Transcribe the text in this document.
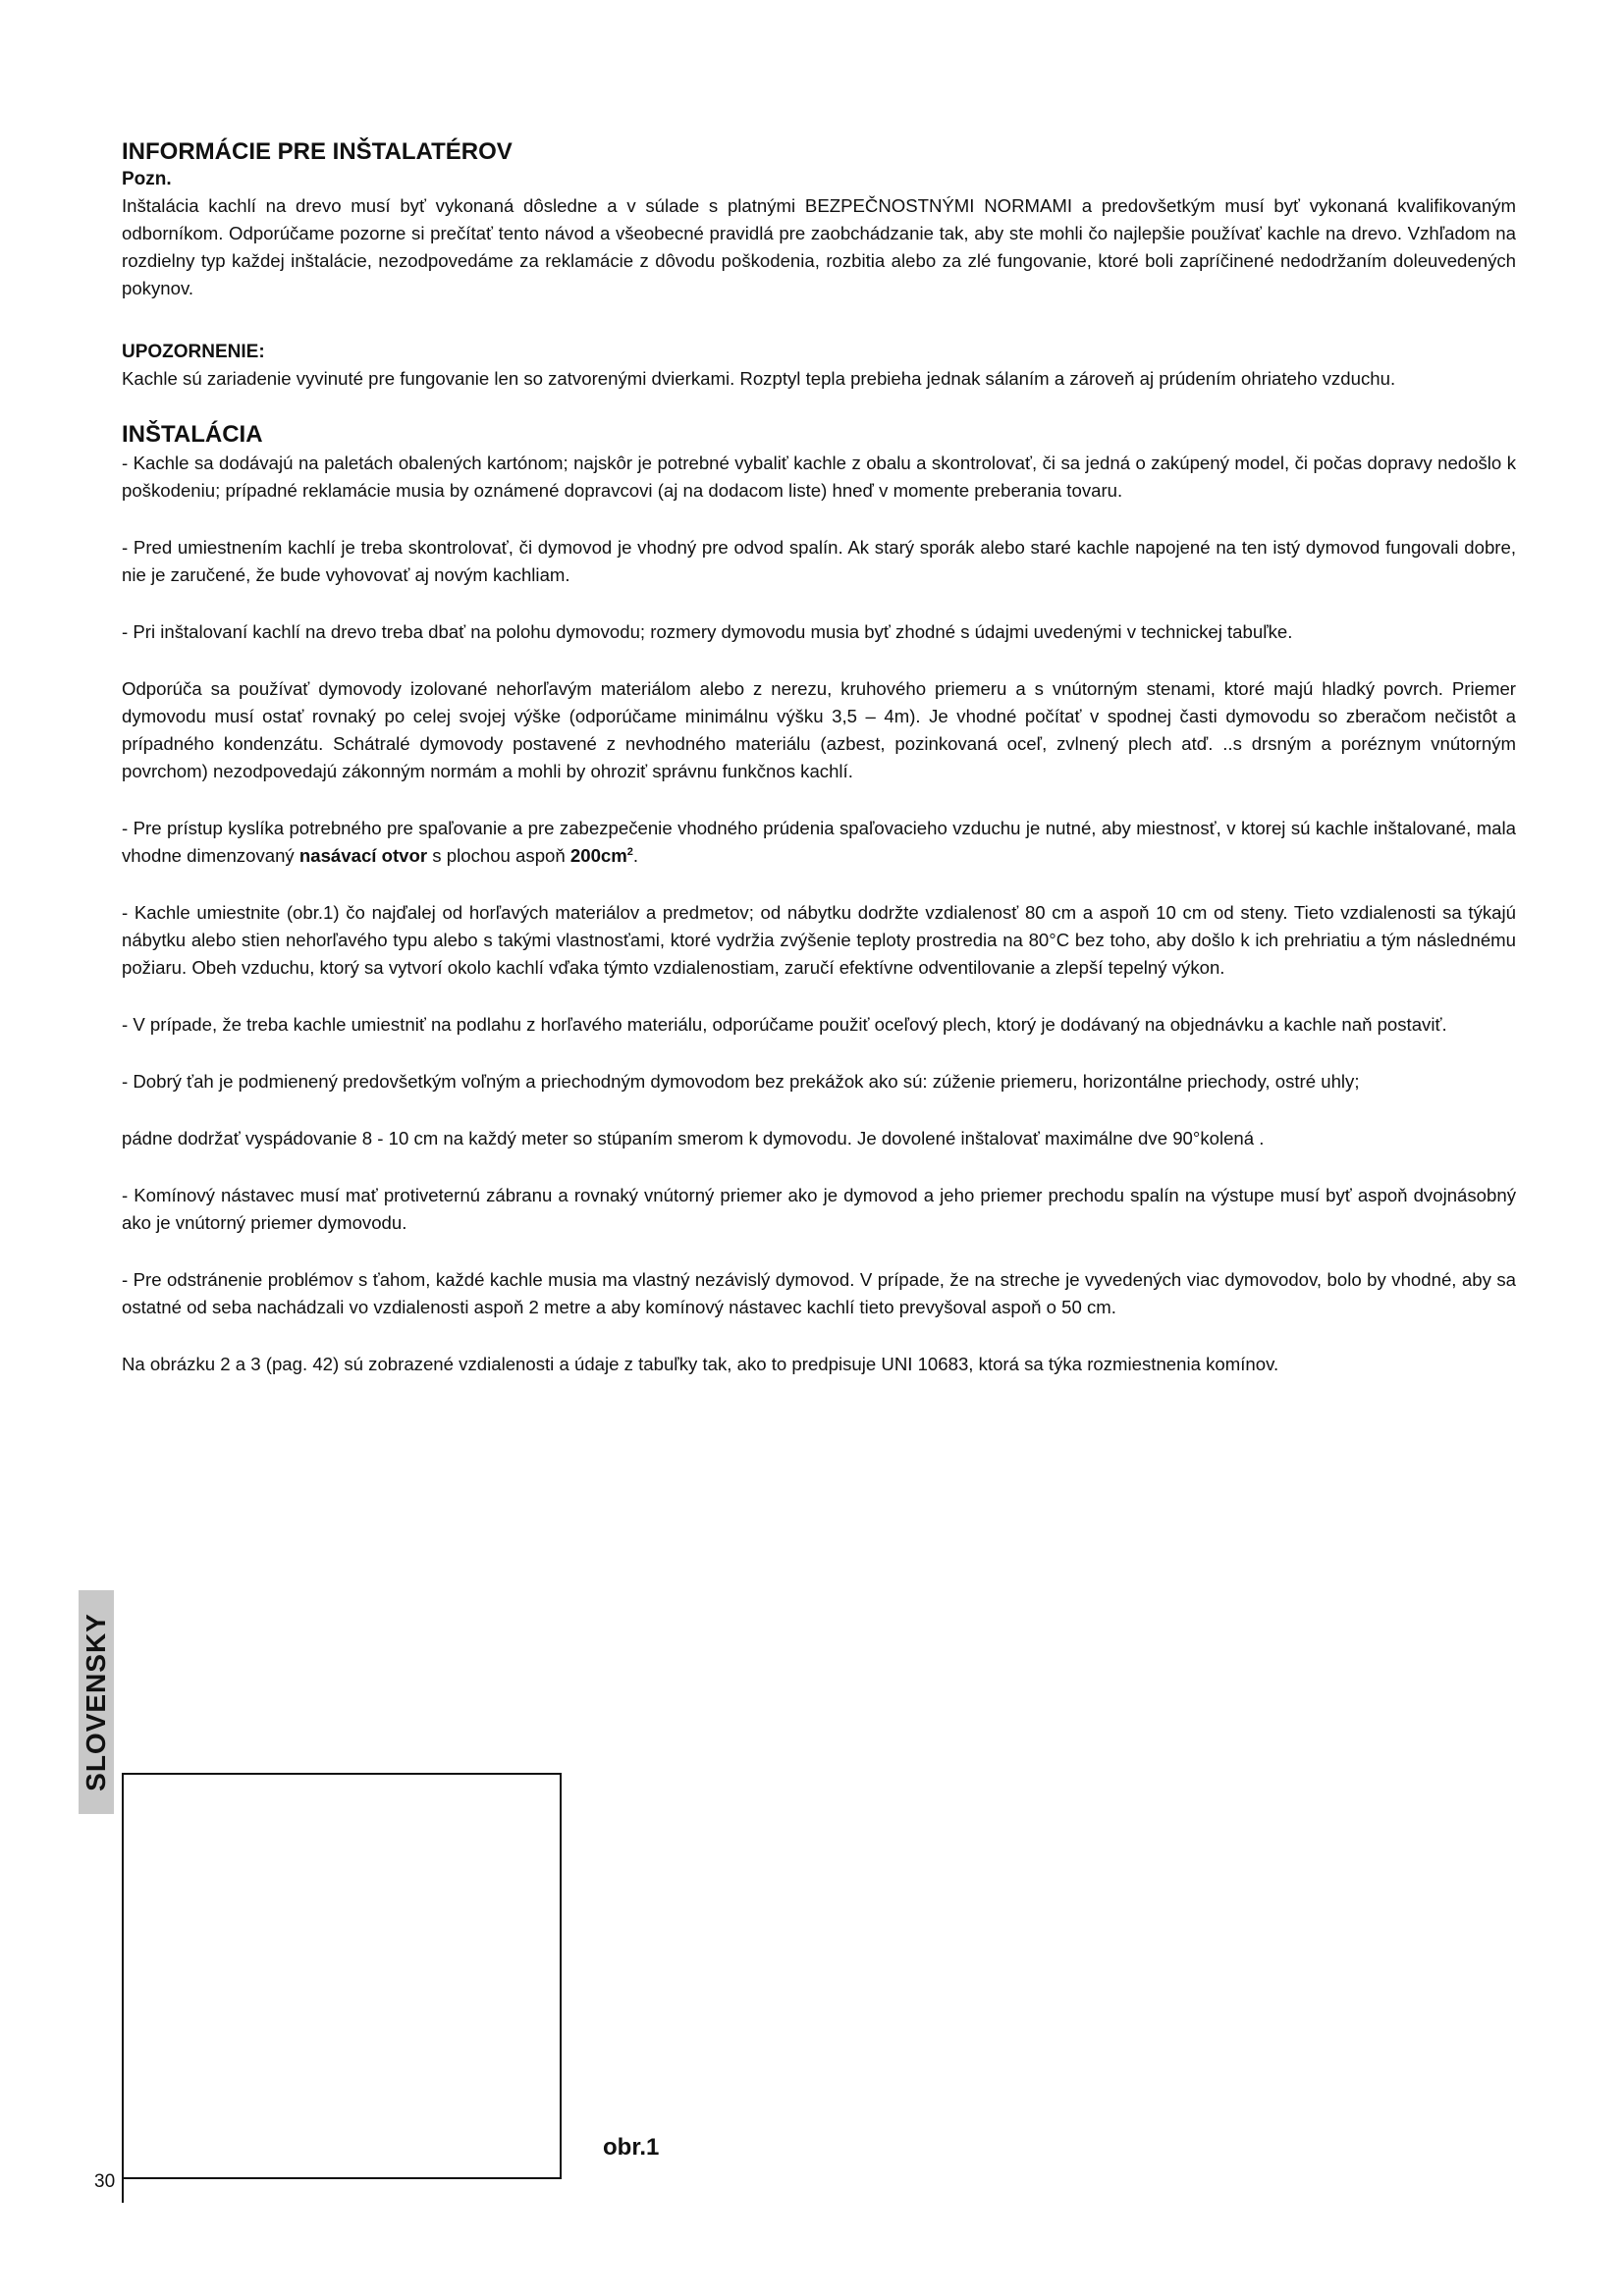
INFORMÁCIE PRE INŠTALATÉROV
Pozn.

Inštalácia kachlí na drevo musí byť vykonaná dôsledne a v súlade s platnými BEZPEČNOSTNÝMI NORMAMI a predovšetkým musí byť vykonaná kvalifikovaným odborníkom. Odporúčame pozorne si prečítať tento návod a všeobecné pravidlá pre zaobchádzanie tak, aby ste mohli čo najlepšie používať kachle na drevo. Vzhľadom na rozdielny typ každej inštalácie, nezodpovedáme za reklamácie z dôvodu poškodenia, rozbitia alebo za zlé fungovanie, ktoré boli zapríčinené nedodržaním doleuvedených pokynov.

UPOZORNENIE:

Kachle sú zariadenie vyvinuté pre fungovanie len so zatvorenými dvierkami. Rozptyl tepla prebieha jednak sálaním a zároveň aj prúdením ohriateho vzduchu.

INŠTALÁCIA

- Kachle sa dodávajú na paletách obalených kartónom; najskôr je potrebné vybaliť kachle z obalu a skontrolovať, či sa jedná o zakúpený model, či počas dopravy nedošlo k poškodeniu; prípadné reklamácie musia by oznámené dopravcovi (aj na dodacom liste) hneď v momente preberania tovaru.

- Pred umiestnením kachlí je treba skontrolovať, či dymovod je vhodný pre odvod spalín. Ak starý sporák alebo staré kachle napojené na ten istý dymovod fungovali dobre, nie je zaručené, že bude vyhovovať aj novým kachliam.

- Pri inštalovaní kachlí na drevo treba dbať na polohu dymovodu; rozmery dymovodu musia byť zhodné s údajmi uvedenými v technickej tabuľke.

Odporúča sa používať dymovody izolované nehorľavým materiálom alebo z nerezu, kruhového priemeru a s vnútorným stenami, ktoré majú hladký povrch. Priemer dymovodu musí ostať rovnaký po celej svojej výške (odporúčame minimálnu výšku 3,5 – 4m). Je vhodné počítať v spodnej časti dymovodu so zberačom nečistôt a prípadného kondenzátu. Schátralé dymovody postavené z nevhodného materiálu (azbest, pozinkovaná oceľ, zvlnený plech atď. ..s drsným a poréznym vnútorným povrchom) nezodpovedajú zákonným normám a mohli by ohroziť správnu funkčnos kachlí.

- Pre prístup kyslíka potrebného pre spaľovanie a pre zabezpečenie vhodného prúdenia spaľovacieho vzduchu je nutné, aby miestnosť, v ktorej sú kachle inštalované, mala vhodne dimenzovaný nasávací otvor s plochou aspoň $200cm^2$.

- Kachle umiestnite (obr.1) čo najďalej od horľavých materiálov a predmetov; od nábytku dodržte vzdialenosť 80 cm a aspoň 10 cm od steny. Tieto vzdialenosti sa týkajú nábytku alebo stien nehorľavého typu alebo s takými vlastnosťami, ktoré vydržia zvýšenie teploty prostredia na 80°C bez toho, aby došlo k ich prehriatiu a tým následnému požiaru. Obeh vzduchu, ktorý sa vytvorí okolo kachlí vďaka týmto vzdialenostiam, zaručí efektívne odventilovanie a zlepší tepelný výkon.

- V prípade, že treba kachle umiestniť na podlahu z horľavého materiálu, odporúčame použiť oceľový plech, ktorý je dodávaný na objednávku a kachle naň postaviť.

- Dobrý ťah je podmienený predovšetkým voľným a priechodným dymovodom bez prekážok ako sú: zúženie priemeru, horizontálne priechody, ostré uhly;

pádne dodržať vyspádovanie 8 - 10 cm na každý meter so stúpaním smerom k dymovodu. Je dovolené inštalovať maximálne dve 90°kolená .

- Komínový nástavec musí mať protiveternú zábranu a rovnaký vnútorný priemer ako je dymovod a jeho priemer prechodu spalín na výstupe musí byť aspoň dvojnásobný ako je vnútorný priemer dymovodu.

- Pre odstránenie problémov s ťahom, každé kachle musia ma vlastný nezávislý dymovod. V prípade, že na streche je vyvedených viac dymovodov, bolo by vhodné, aby sa ostatné od seba nachádzali vo vzdialenosti aspoň 2 metre a aby komínový nástavec kachlí tieto prevyšoval aspoň o 50 cm.

Na obrázku 2 a 3 (pag. 42) sú zobrazené vzdialenosti a údaje z tabuľky tak, ako to predpisuje UNI 10683, ktorá sa týka rozmiestnenia komínov.

SLOVENSKY
obr.1
30
